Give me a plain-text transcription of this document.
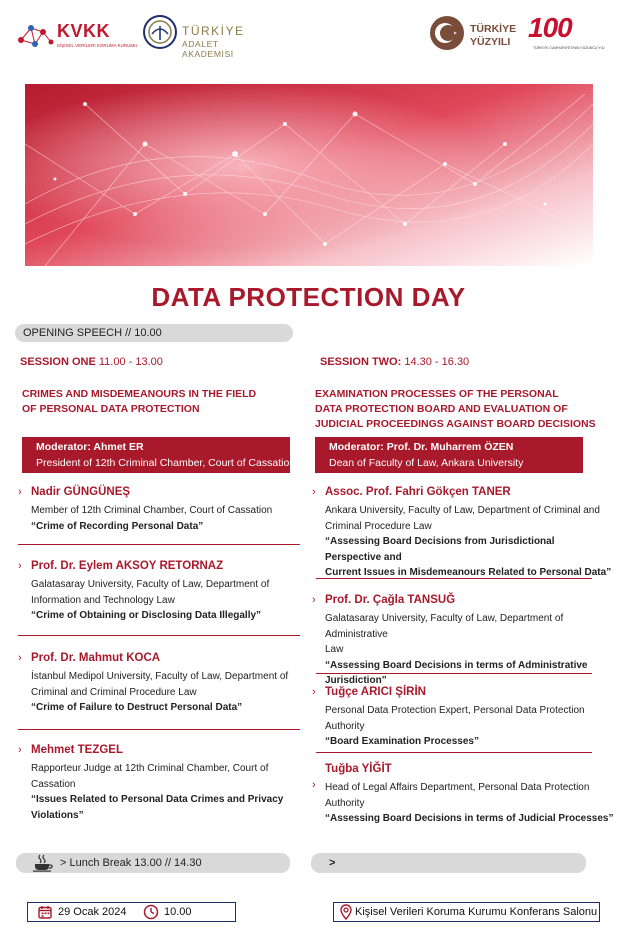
KVKK
KİŞİSEL VERİLERİ KORUMA KURUMU
TÜRKİYE
ADALET AKADEMİSİ
TÜRKİYE
YÜZYILI 100
TÜRKİYE CUMHURİYETİNİN YÜZÜNCÜ YILI
DATA PROTECTION DAY
OPENING SPEECH // 10.00
SESSION ONE 11.00 - 13.00
CRIMES AND MISDEMEANOURS IN THE FIELD
OF PERSONAL DATA PROTECTION
Moderator: Ahmet ER
President of 12th Criminal Chamber, Court of Cassation
› Nadir GÜNGÜNEŞ
Member of 12th Criminal Chamber, Court of Cassation
“Crime of Recording Personal Data”
› Prof. Dr. Eylem AKSOY RETORNAZ
Galatasaray University, Faculty of Law, Department of
Information and Technology Law
“Crime of Obtaining or Disclosing Data Illegally”
› Prof. Dr. Mahmut KOCA
İstanbul Medipol University, Faculty of Law, Department of
Criminal and Criminal Procedure Law
“Crime of Failure to Destruct Personal Data”
› Mehmet TEZGEL
Rapporteur Judge at 12th Criminal Chamber, Court of
Cassation
“Issues Related to Personal Data Crimes and Privacy
Violations”
SESSION TWO: 14.30 - 16.30
EXAMINATION PROCESSES OF THE PERSONAL
DATA PROTECTION BOARD AND EVALUATION OF
JUDICIAL PROCEEDINGS AGAINST BOARD DECISIONS
Moderator: Prof. Dr. Muharrem ÖZEN
Dean of Faculty of Law, Ankara University
› Assoc. Prof. Fahri Gökçen TANER
Ankara University, Faculty of Law, Department of Criminal and
Criminal Procedure Law
“Assessing Board Decisions from Jurisdictional Perspective and
Current Issues in Misdemeanours Related to Personal Data”
› Prof. Dr. Çağla TANSUĞ
Galatasaray University, Faculty of Law, Department of Administrative
Law
“Assessing Board Decisions in terms of Administrative
Jurisdiction”
› Tuğçe ARICI ŞİRİN
Personal Data Protection Expert, Personal Data Protection
Authority
“Board Examination Processes”
›
Tuğba YİĞİT
Head of Legal Affairs Department, Personal Data Protection Authority
“Assessing Board Decisions in terms of Judicial Processes”
> Lunch Break 13.00 // 14.30	>
29 Ocak 2024	10.00	Kişisel Verileri Koruma Kurumu Konferans Salonu
